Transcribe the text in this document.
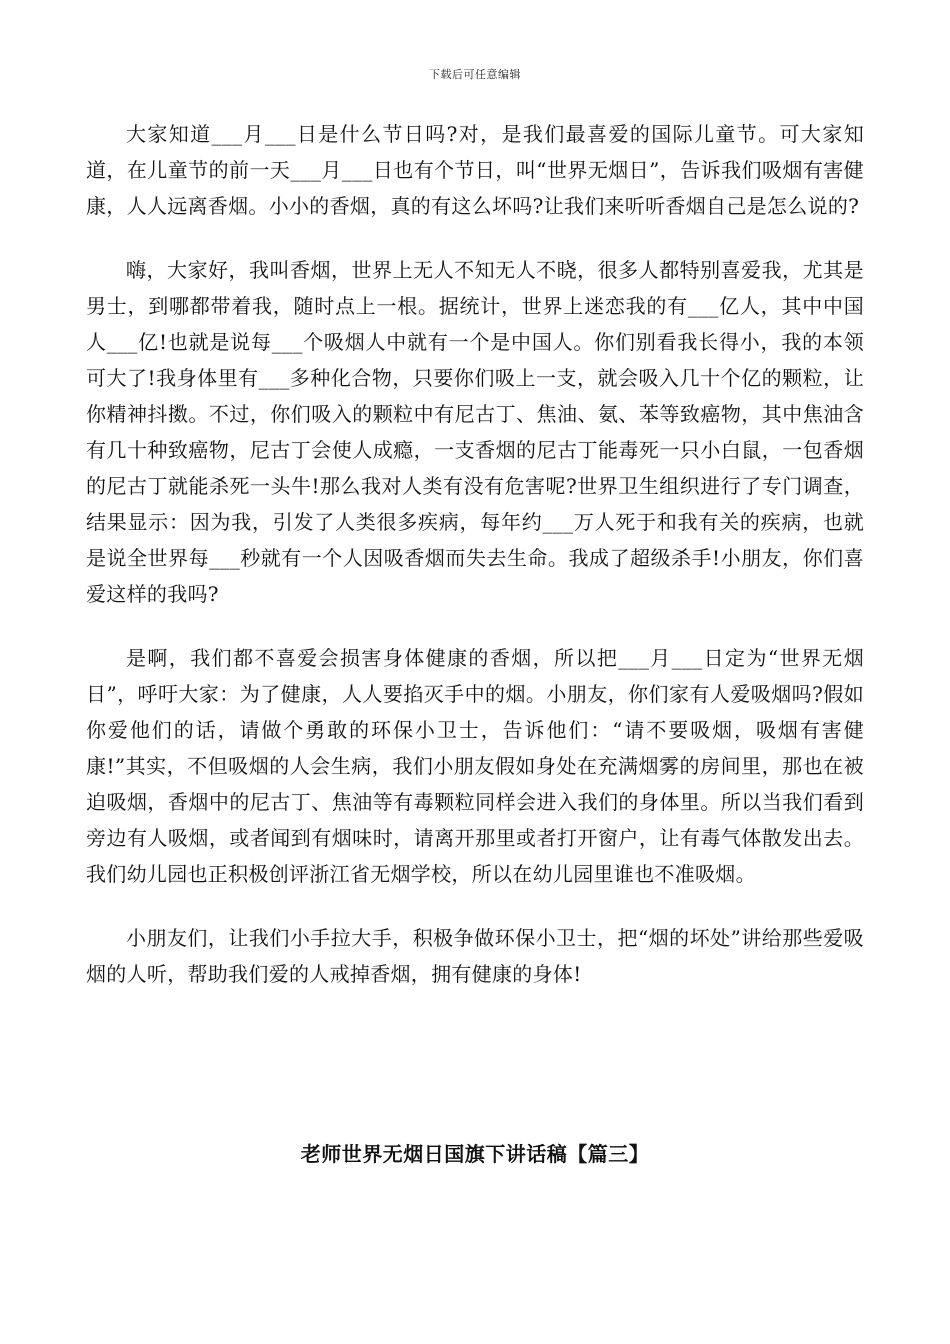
下载后可任意编辑

大家知道___月___日是什么节日吗?对，是我们最喜爱的国际儿童节。可大家知道，在儿童节的前一天___月___日也有个节日，叫“世界无烟日”，告诉我们吸烟有害健康，人人远离香烟。小小的香烟，真的有这么坏吗?让我们来听听香烟自己是怎么说的?

嗨，大家好，我叫香烟，世界上无人不知无人不晓，很多人都特别喜爱我，尤其是男士，到哪都带着我，随时点上一根。据统计，世界上迷恋我的有___亿人，其中中国人___亿!也就是说每___个吸烟人中就有一个是中国人。你们别看我长得小，我的本领可大了!我身体里有___多种化合物，只要你们吸上一支，就会吸入几十个亿的颗粒，让你精神抖擞。不过，你们吸入的颗粒中有尼古丁、焦油、氨、苯等致癌物，其中焦油含有几十种致癌物，尼古丁会使人成瘾，一支香烟的尼古丁能毒死一只小白鼠，一包香烟的尼古丁就能杀死一头牛!那么我对人类有没有危害呢?世界卫生组织进行了专门调查，结果显示：因为我，引发了人类很多疾病，每年约___万人死于和我有关的疾病，也就是说全世界每___秒就有一个人因吸香烟而失去生命。我成了超级杀手!小朋友，你们喜爱这样的我吗?

是啊，我们都不喜爱会损害身体健康的香烟，所以把___月___日定为“世界无烟日”，呼吁大家：为了健康，人人要掐灭手中的烟。小朋友，你们家有人爱吸烟吗?假如你爱他们的话，请做个勇敢的环保小卫士，告诉他们：“请不要吸烟，吸烟有害健康!”其实，不但吸烟的人会生病，我们小朋友假如身处在充满烟雾的房间里，那也在被迫吸烟，香烟中的尼古丁、焦油等有毒颗粒同样会进入我们的身体里。所以当我们看到旁边有人吸烟，或者闻到有烟味时，请离开那里或者打开窗户，让有毒气体散发出去。我们幼儿园也正积极创评浙江省无烟学校，所以在幼儿园里谁也不准吸烟。

小朋友们，让我们小手拉大手，积极争做环保小卫士，把“烟的坏处”讲给那些爱吸烟的人听，帮助我们爱的人戒掉香烟，拥有健康的身体!

老师世界无烟日国旗下讲话稿【篇三】
